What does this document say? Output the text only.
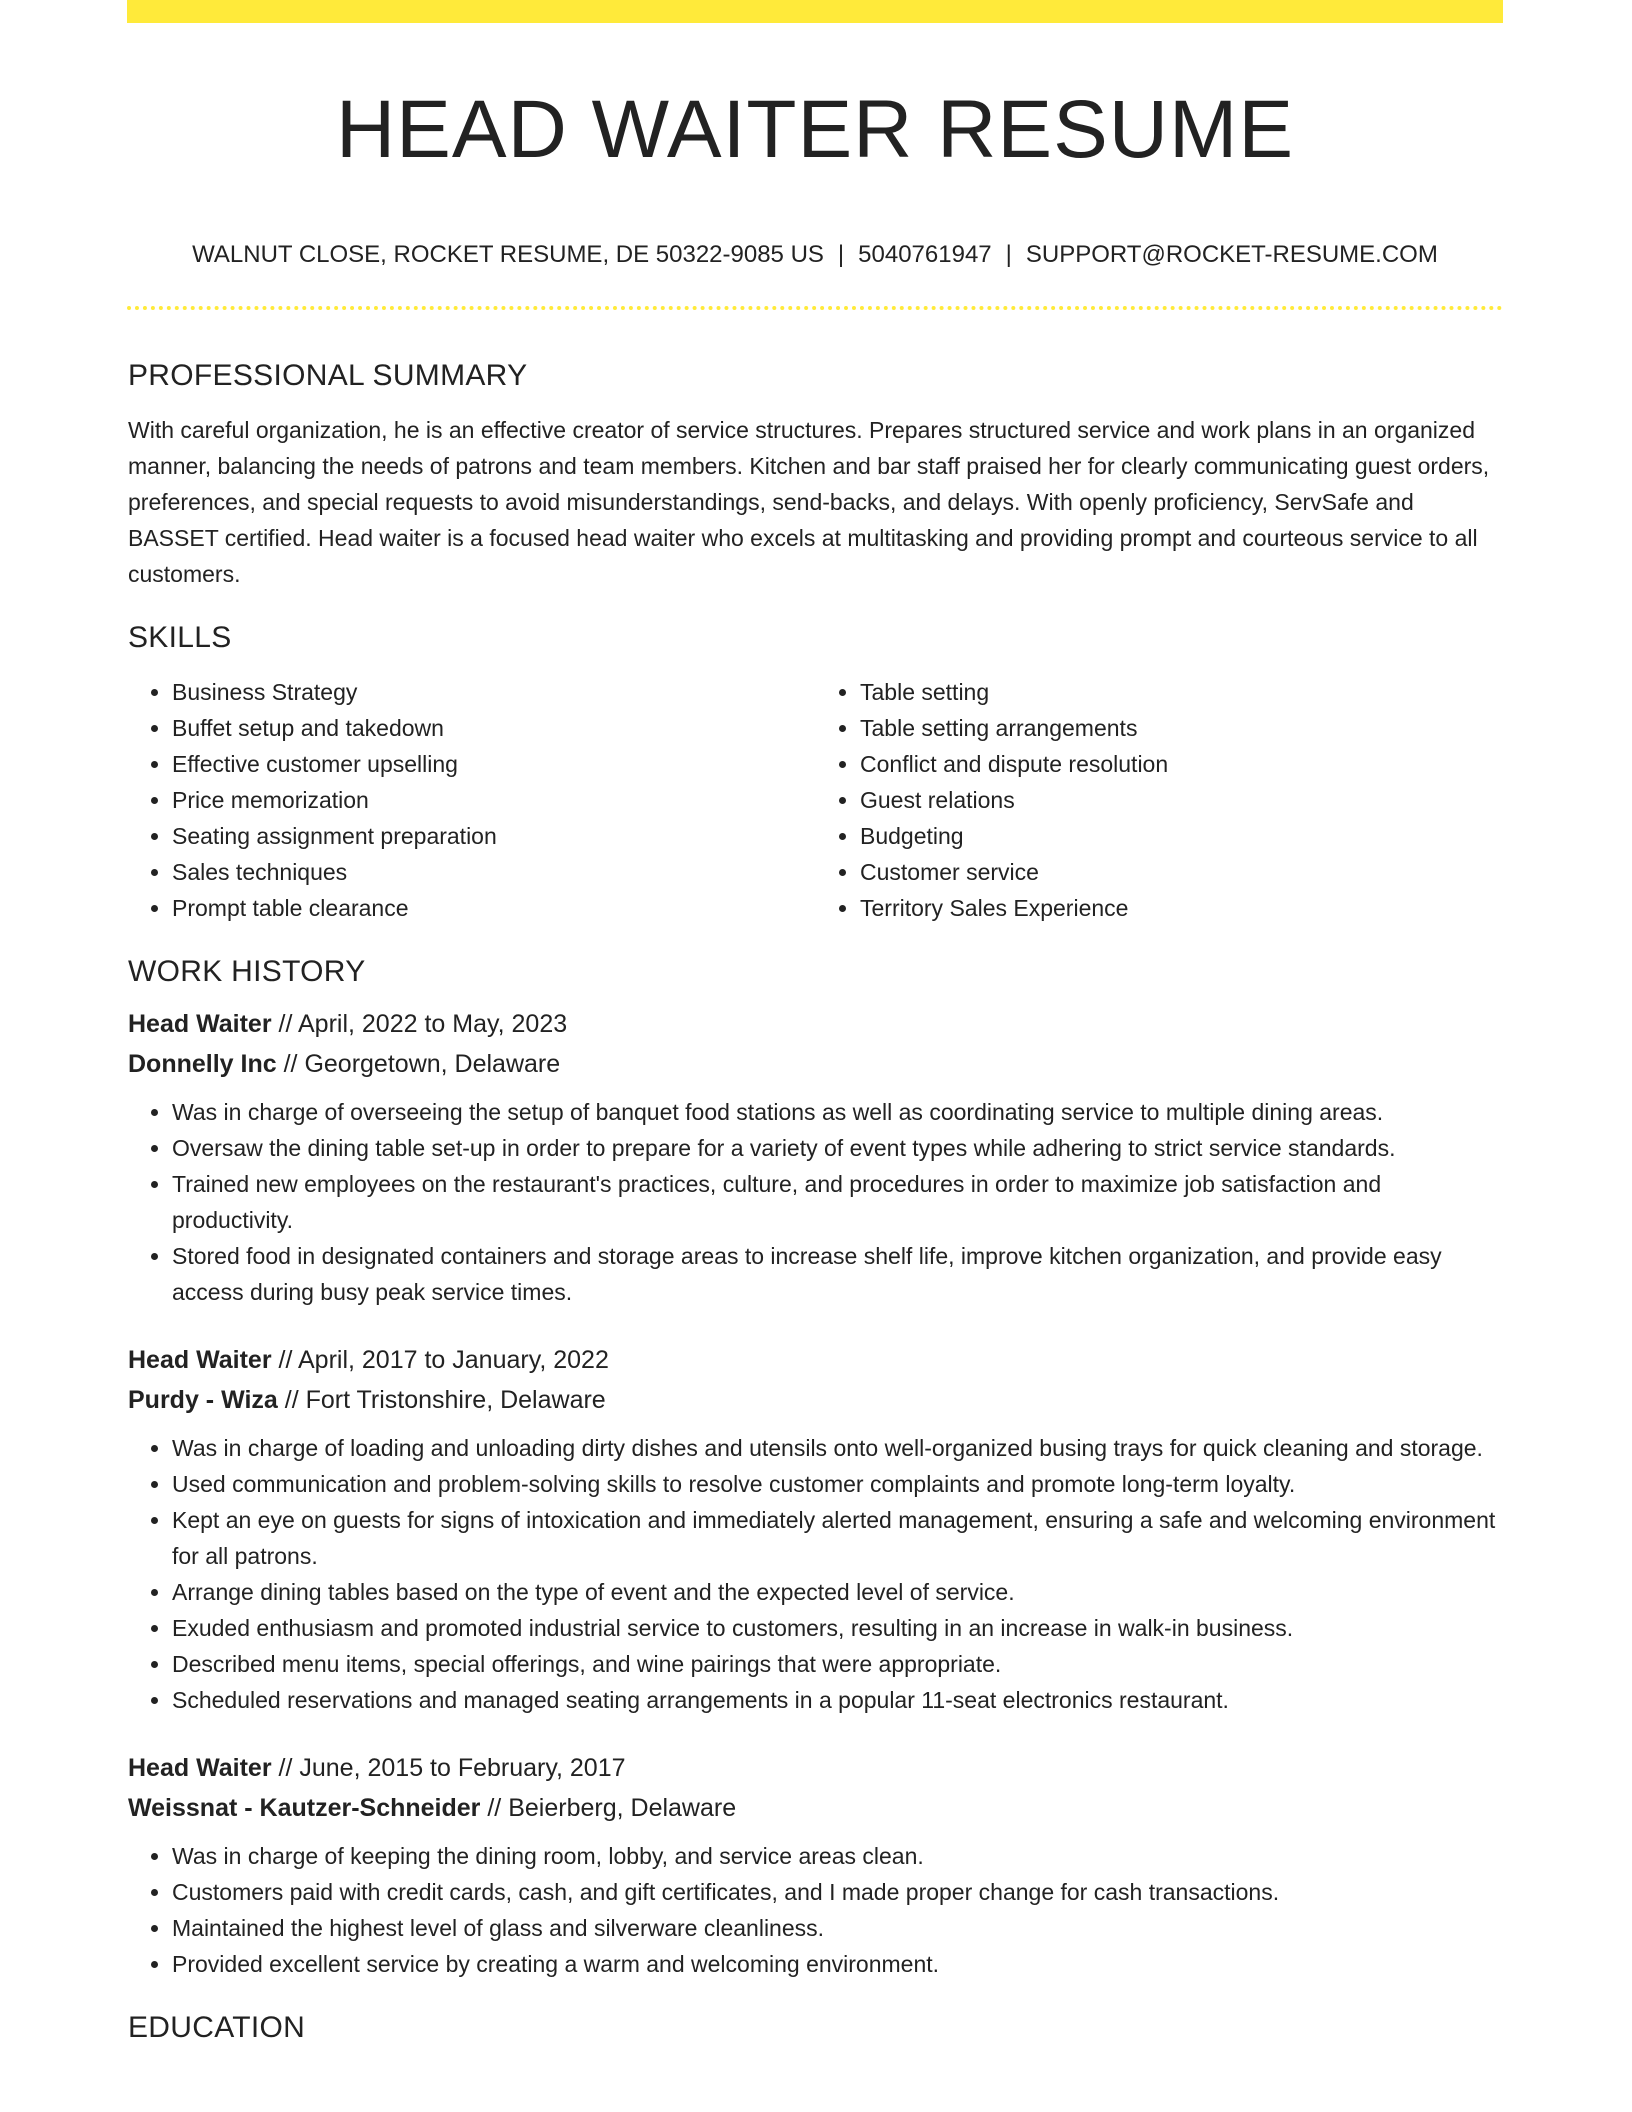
HEAD WAITER RESUME
WALNUT CLOSE, ROCKET RESUME, DE 50322-9085 US | 5040761947 | SUPPORT@ROCKET-RESUME.COM
PROFESSIONAL SUMMARY

With careful organization, he is an effective creator of service structures. Prepares structured service and work plans in an organized manner, balancing the needs of patrons and team members. Kitchen and bar staff praised her for clearly communicating guest orders, preferences, and special requests to avoid misunderstandings, send-backs, and delays. With openly proficiency, ServSafe and BASSET certified. Head waiter is a focused head waiter who excels at multitasking and providing prompt and courteous service to all customers.

SKILLS
• Business Strategy
• Buffet setup and takedown
• Effective customer upselling
• Price memorization
• Seating assignment preparation
• Sales techniques
• Prompt table clearance
• Table setting
• Table setting arrangements
• Conflict and dispute resolution
• Guest relations
• Budgeting
• Customer service
• Territory Sales Experience
WORK HISTORY
Head Waiter // April, 2022 to May, 2023
Donnelly Inc // Georgetown, Delaware
• Was in charge of overseeing the setup of banquet food stations as well as coordinating service to multiple dining areas.
• Oversaw the dining table set-up in order to prepare for a variety of event types while adhering to strict service standards.
• Trained new employees on the restaurant's practices, culture, and procedures in order to maximize job satisfaction and productivity.
• Stored food in designated containers and storage areas to increase shelf life, improve kitchen organization, and provide easy access during busy peak service times.
Head Waiter // April, 2017 to January, 2022
Purdy - Wiza // Fort Tristonshire, Delaware
• Was in charge of loading and unloading dirty dishes and utensils onto well-organized busing trays for quick cleaning and storage.
• Used communication and problem-solving skills to resolve customer complaints and promote long-term loyalty.
• Kept an eye on guests for signs of intoxication and immediately alerted management, ensuring a safe and welcoming environment for all patrons.
• Arrange dining tables based on the type of event and the expected level of service.
• Exuded enthusiasm and promoted industrial service to customers, resulting in an increase in walk-in business.
• Described menu items, special offerings, and wine pairings that were appropriate.
• Scheduled reservations and managed seating arrangements in a popular 11-seat electronics restaurant.
Head Waiter // June, 2015 to February, 2017
Weissnat - Kautzer-Schneider // Beierberg, Delaware
• Was in charge of keeping the dining room, lobby, and service areas clean.
• Customers paid with credit cards, cash, and gift certificates, and I made proper change for cash transactions.
• Maintained the highest level of glass and silverware cleanliness.
• Provided excellent service by creating a warm and welcoming environment.
EDUCATION
